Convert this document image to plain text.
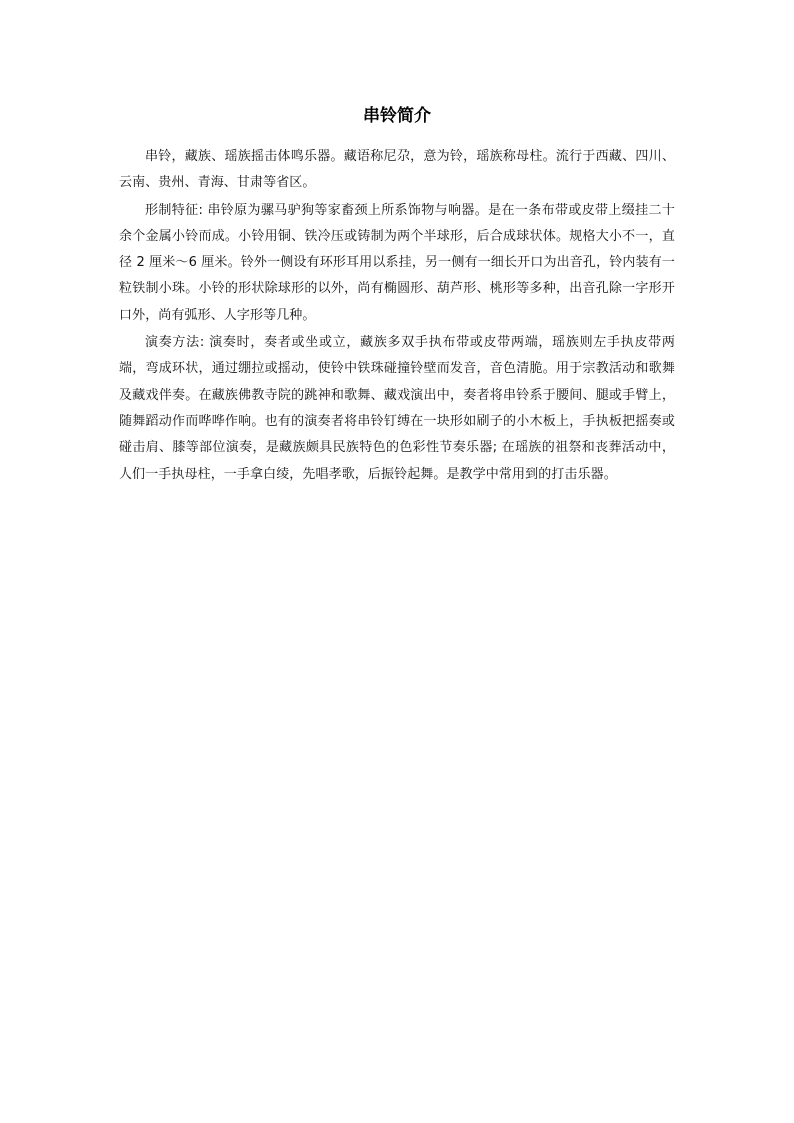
串铃简介

串铃，藏族、瑶族摇击体鸣乐器。藏语称尼尕，意为铃，瑶族称母柱。流行于西藏、四川、云南、贵州、青海、甘肃等省区。

形制特征: 串铃原为骡马驴狗等家畜颈上所系饰物与响器。是在一条布带或皮带上缀挂二十余个金属小铃而成。小铃用铜、铁冷压或铸制为两个半球形，后合成球状体。规格大小不一，直径 2 厘米～6 厘米。铃外一侧设有环形耳用以系挂，另一侧有一细长开口为出音孔，铃内装有一粒铁制小珠。小铃的形状除球形的以外，尚有椭圆形、葫芦形、桃形等多种，出音孔除一字形开口外，尚有弧形、人字形等几种。

演奏方法: 演奏时，奏者或坐或立，藏族多双手执布带或皮带两端，瑶族则左手执皮带两端，弯成环状，通过绷拉或摇动，使铃中铁珠碰撞铃壁而发音，音色清脆。用于宗教活动和歌舞及藏戏伴奏。在藏族佛教寺院的跳神和歌舞、藏戏演出中，奏者将串铃系于腰间、腿或手臂上，随舞蹈动作而哗哗作响。也有的演奏者将串铃钉缚在一块形如刷子的小木板上，手执板把摇奏或碰击肩、膝等部位演奏，是藏族颇具民族特色的色彩性节奏乐器; 在瑶族的祖祭和丧葬活动中，人们一手执母柱，一手拿白绫，先唱孝歌，后振铃起舞。是教学中常用到的打击乐器。
